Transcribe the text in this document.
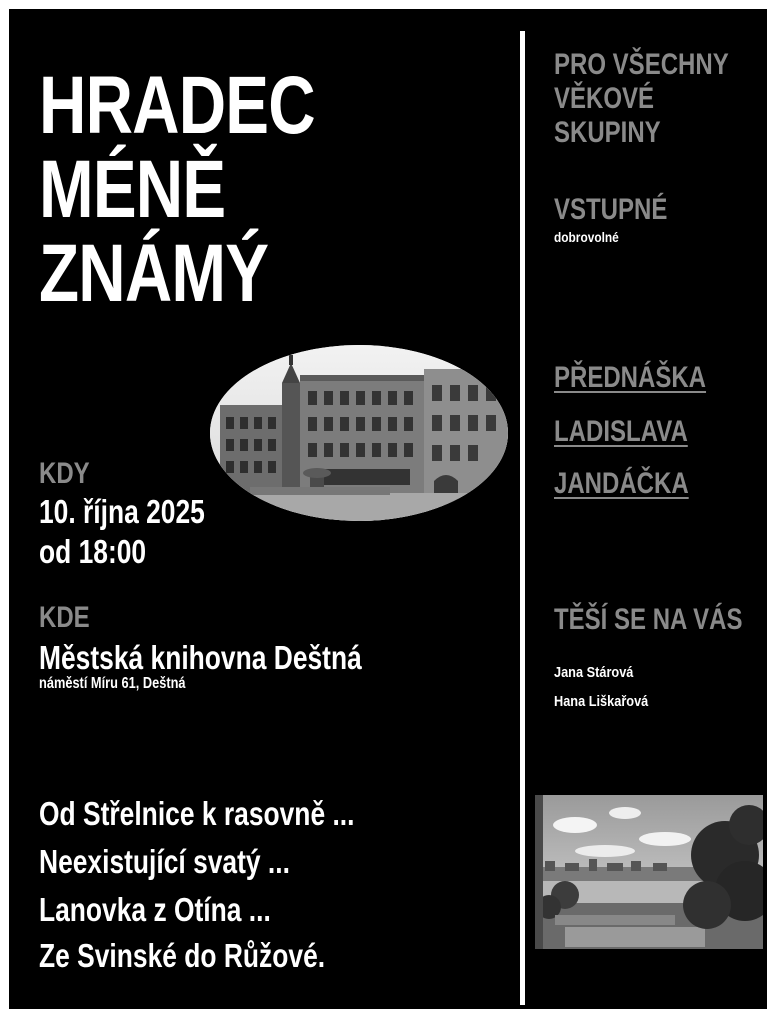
HRADEC
MÉNĚ
ZNÁMÝ
KDY
10. října 2025
od 18:00
KDE
Městská knihovna Deštná
náměstí Míru 61, Deštná
Od Střelnice k rasovně ...
Neexistující svatý ...
Lanovka z Otína ...
Ze Svinské do Růžové.
PRO VŠECHNY
VĚKOVÉ
SKUPINY
VSTUPNÉ
dobrovolné
PŘEDNÁŠKA
LADISLAVA
JANDÁČKA
TĚŠÍ SE NA VÁS
Jana Stárová
Hana Liškařová
